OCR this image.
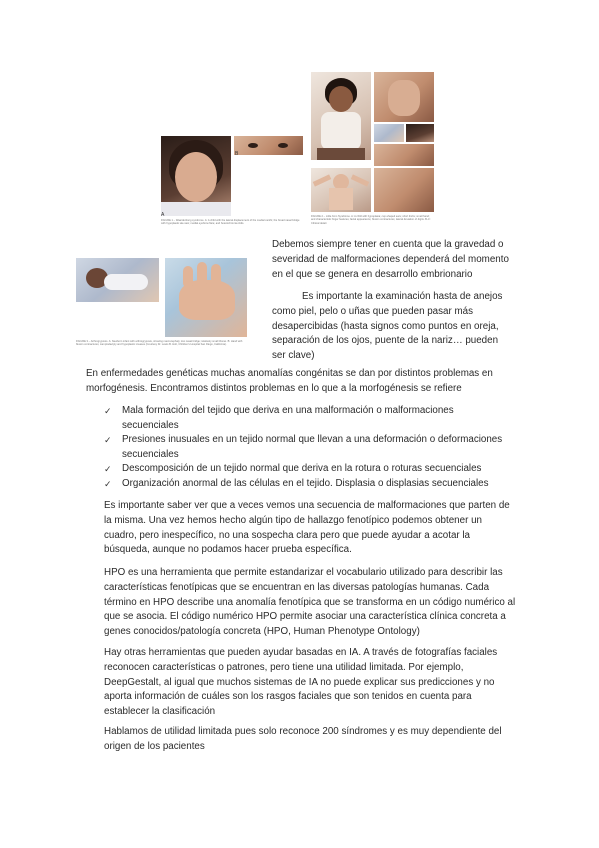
A
B
FIGURE 1 – Waardenburg syndrome. A: A child with the lateral displacement of the medial canthi; the broad nasal bridge with hypoplastic ala nasi; medial eyebrow flare; and heterochromia iridis.
FIGURE 2 – Little from Syndrome. A: A child with hypoplasia; cup-shaped ears; short limbs; small hand; and characteristic finger features; facial appearance; flexion contractures; lateral deviation of digits. B–F: Clinical detail.
FIGURE 3 – Arthrogryposis. A: Newborn infant with arthrogryposis, showing macrocephaly; low nasal bridge; relatively small thorax. B: Hand with flexion contractures; camptodactyly and hypoplastic creases (Courtesy Dr. Lewis B. Holt, Children's Hospital San Diego, California).
Debemos siempre tener en cuenta que la gravedad o severidad de malformaciones dependerá del momento en el que se genera en desarrollo embrionario
Es importante la examinación hasta de anejos como piel, pelo o uñas que pueden pasar más desapercibidas (hasta signos como puntos en oreja, separación de los ojos, puente de la nariz… pueden ser clave)
En enfermedades genéticas muchas anomalías congénitas se dan por distintos problemas en morfogénesis. Encontramos distintos problemas en lo que a la morfogénesis se refiere
✓ Mala formación del tejido que deriva en una malformación o malformaciones secuenciales
✓ Presiones inusuales en un tejido normal que llevan a una deformación o deformaciones secuenciales
✓ Descomposición de un tejido normal que deriva en la rotura o roturas secuenciales
✓ Organización anormal de las células en el tejido. Displasia o displasias secuenciales
Es importante saber ver que a veces vemos una secuencia de malformaciones que parten de la misma. Una vez hemos hecho algún tipo de hallazgo fenotípico podemos obtener un cuadro, pero inespecífico, no una sospecha clara pero que puede ayudar a acotar la búsqueda, aunque no podamos hacer prueba específica.
HPO es una herramienta que permite estandarizar el vocabulario utilizado para describir las características fenotípicas que se encuentran en las diversas patologías humanas. Cada término en HPO describe una anomalía fenotípica que se transforma en un código numérico al que se asocia. El código numérico HPO permite asociar una característica clínica concreta a genes conocidos/patología concreta (HPO, Human Phenotype Ontology)
Hay otras herramientas que pueden ayudar basadas en IA. A través de fotografías faciales reconocen características o patrones, pero tiene una utilidad limitada. Por ejemplo, DeepGestalt, al igual que muchos sistemas de IA no puede explicar sus predicciones y no aporta información de cuáles son los rasgos faciales que son tenidos en cuenta para establecer la clasificación
Hablamos de utilidad limitada pues solo reconoce 200 síndromes y es muy dependiente del origen de los pacientes
